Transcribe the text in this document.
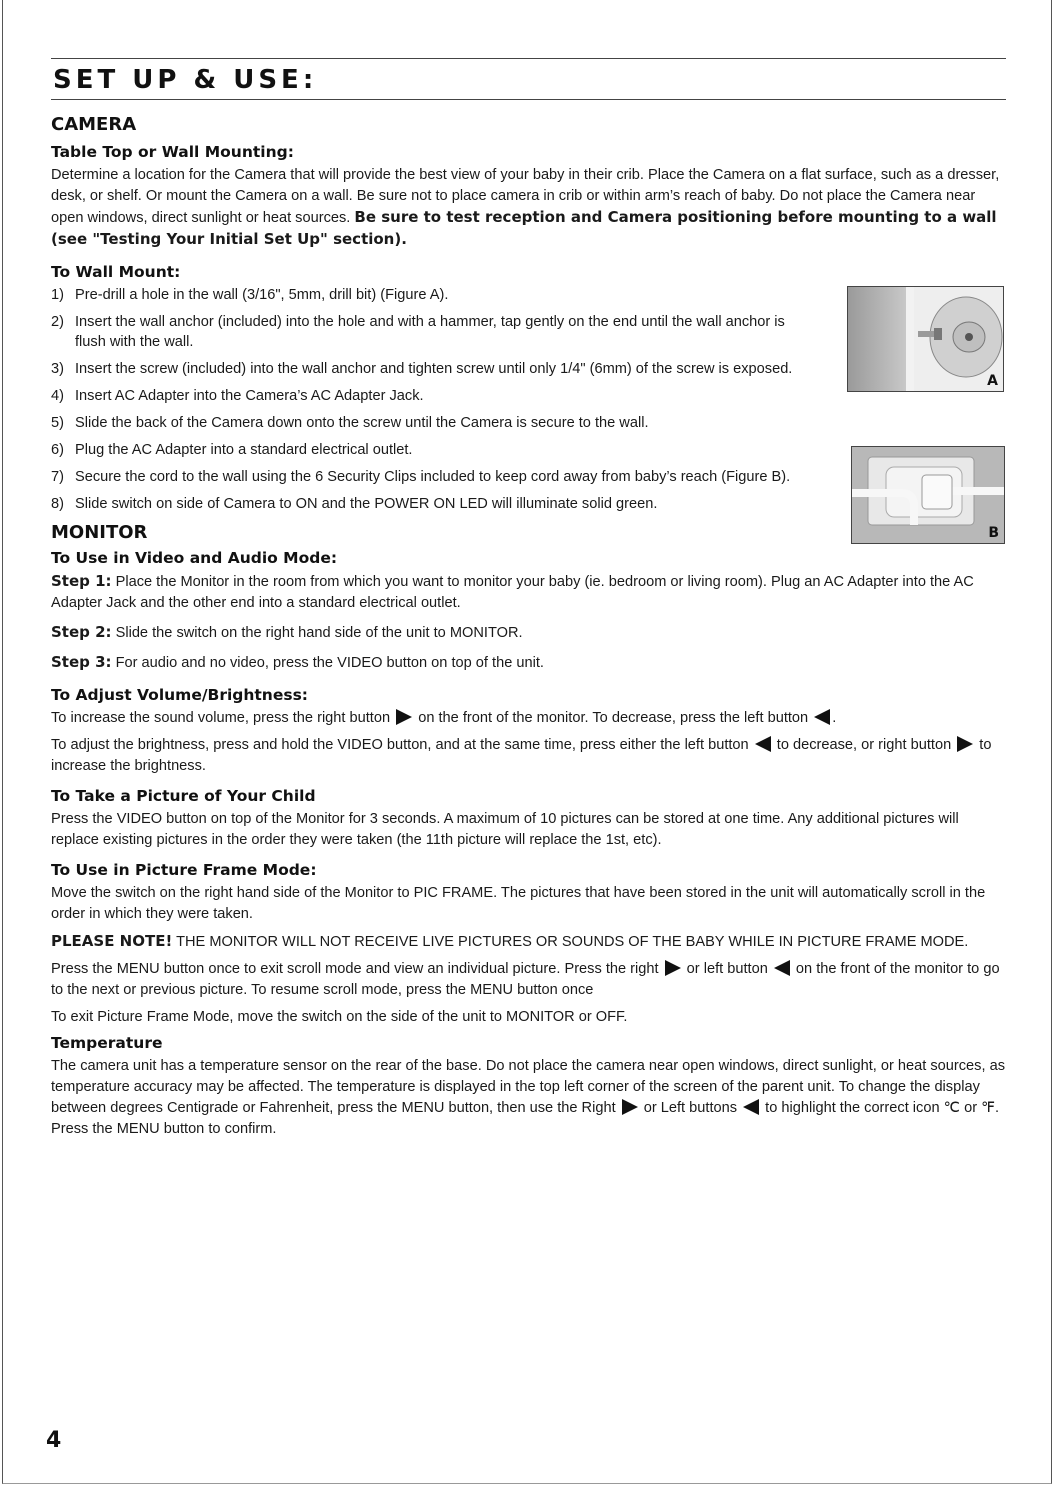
SET UP & USE:
CAMERA
Table Top or Wall Mounting:

Determine a location for the Camera that will provide the best view of your baby in their crib. Place the Camera on a flat surface, such as a dresser, desk, or shelf. Or mount the Camera on a wall. Be sure not to place camera in crib or within arm’s reach of baby. Do not place the Camera near open windows, direct sunlight or heat sources. Be sure to test reception and Camera positioning before mounting to a wall (see "Testing Your Initial Set Up" section).

To Wall Mount:
1) Pre-drill a hole in the wall (3/16", 5mm, drill bit) (Figure A).
2) Insert the wall anchor (included) into the hole and with a hammer, tap gently on the end until the wall anchor is flush with the wall.
3) Insert the screw (included) into the wall anchor and tighten screw until only 1/4" (6mm) of the screw is exposed.
4) Insert AC Adapter into the Camera’s AC Adapter Jack.
5) Slide the back of the Camera down onto the screw until the Camera is secure to the wall.
6) Plug the AC Adapter into a standard electrical outlet.
7) Secure the cord to the wall using the 6 Security Clips included to keep cord away from baby’s reach (Figure B).
8) Slide switch on side of Camera to ON and the POWER ON LED will illuminate solid green.
MONITOR
To Use in Video and Audio Mode:

Step 1: Place the Monitor in the room from which you want to monitor your baby (ie. bedroom or living room). Plug an AC Adapter into the AC Adapter Jack and the other end into a standard electrical outlet.

Step 2: Slide the switch on the right hand side of the unit to MONITOR.

Step 3: For audio and no video, press the VIDEO button on top of the unit.

To Adjust Volume/Brightness:

To increase the sound volume, press the right button  on the front of the monitor. To decrease, press the left button .

To adjust the brightness, press and hold the VIDEO button, and at the same time, press either the left button  to decrease, or right button  to increase the brightness.

To Take a Picture of Your Child

Press the VIDEO button on top of the Monitor for 3 seconds. A maximum of 10 pictures can be stored at one time. Any additional pictures will replace existing pictures in the order they were taken (the 11th picture will replace the 1st, etc).

To Use in Picture Frame Mode:

Move the switch on the right hand side of the Monitor to PIC FRAME. The pictures that have been stored in the unit will automatically scroll in the order in which they were taken.

PLEASE NOTE! THE MONITOR WILL NOT RECEIVE LIVE PICTURES OR SOUNDS OF THE BABY WHILE IN PICTURE FRAME MODE.

Press the MENU button once to exit scroll mode and view an individual picture. Press the right  or left button  on the front of the monitor to go to the next or previous picture. To resume scroll mode, press the MENU button once

To exit Picture Frame Mode, move the switch on the side of the unit to MONITOR or OFF.

Temperature

The camera unit has a temperature sensor on the rear of the base. Do not place the camera near open windows, direct sunlight, or heat sources, as temperature accuracy may be affected. The temperature is displayed in the top left corner of the screen of the parent unit. To change the display between degrees Centigrade or Fahrenheit, press the MENU button, then use the Right  or Left buttons  to highlight the correct icon ℃ or ℉. Press the MENU button to confirm.

A
B
4
